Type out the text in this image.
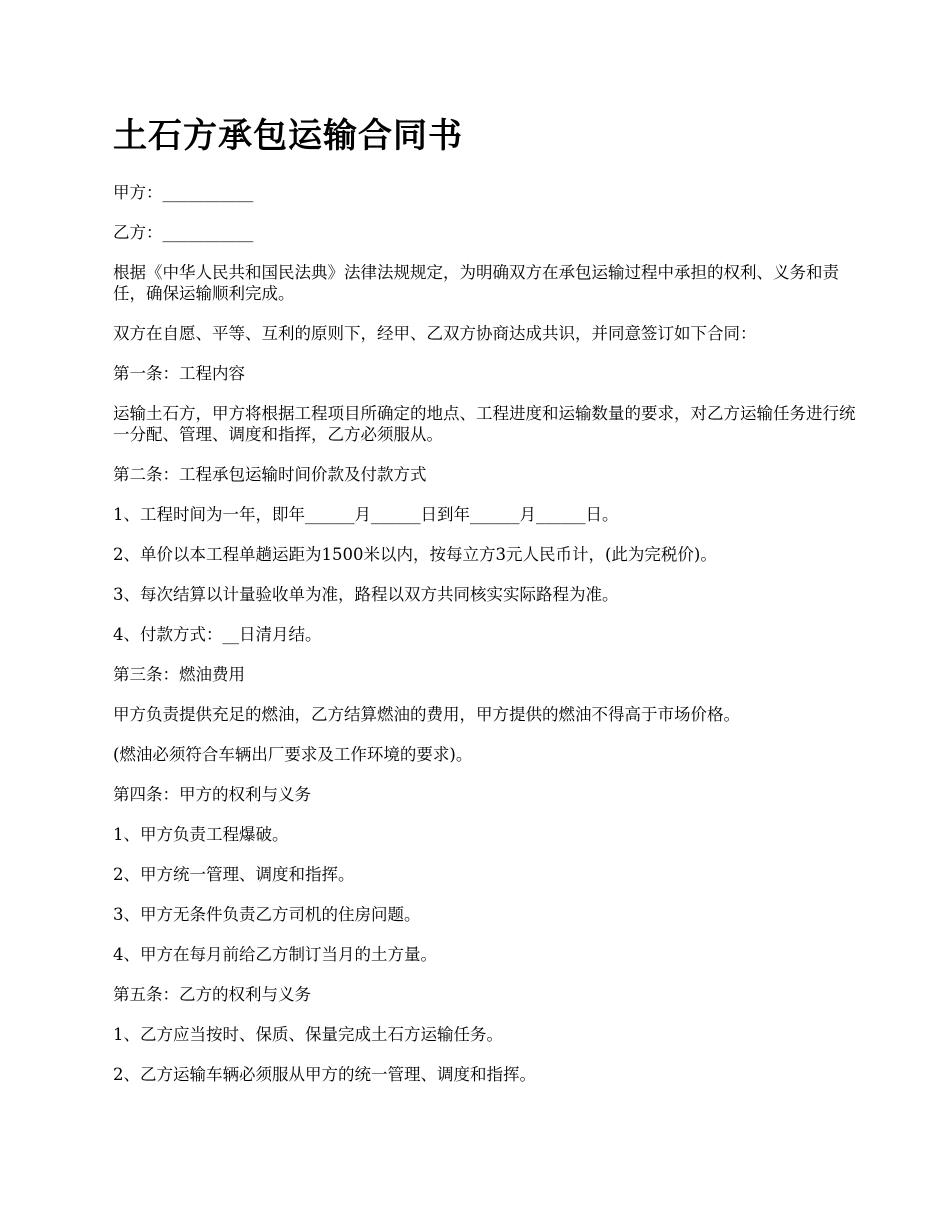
土石方承包运输合同书

甲方：___________

乙方：___________

根据《中华人民共和国民法典》法律法规规定，为明确双方在承包运输过程中承担的权利、义务和责任，确保运输顺利完成。

双方在自愿、平等、互利的原则下，经甲、乙双方协商达成共识，并同意签订如下合同：

第一条：工程内容

运输土石方，甲方将根据工程项目所确定的地点、工程进度和运输数量的要求，对乙方运输任务进行统一分配、管理、调度和指挥，乙方必须服从。

第二条：工程承包运输时间价款及付款方式

1、工程时间为一年，即年______月______日到年______月______日。

2、单价以本工程单趟运距为1500米以内，按每立方3元人民币计，(此为完税价)。

3、每次结算以计量验收单为准，路程以双方共同核实实际路程为准。

4、付款方式：__日清月结。

第三条：燃油费用

甲方负责提供充足的燃油，乙方结算燃油的费用，甲方提供的燃油不得高于市场价格。

(燃油必须符合车辆出厂要求及工作环境的要求)。

第四条：甲方的权利与义务

1、甲方负责工程爆破。

2、甲方统一管理、调度和指挥。

3、甲方无条件负责乙方司机的住房问题。

4、甲方在每月前给乙方制订当月的土方量。

第五条：乙方的权利与义务

1、乙方应当按时、保质、保量完成土石方运输任务。

2、乙方运输车辆必须服从甲方的统一管理、调度和指挥。
